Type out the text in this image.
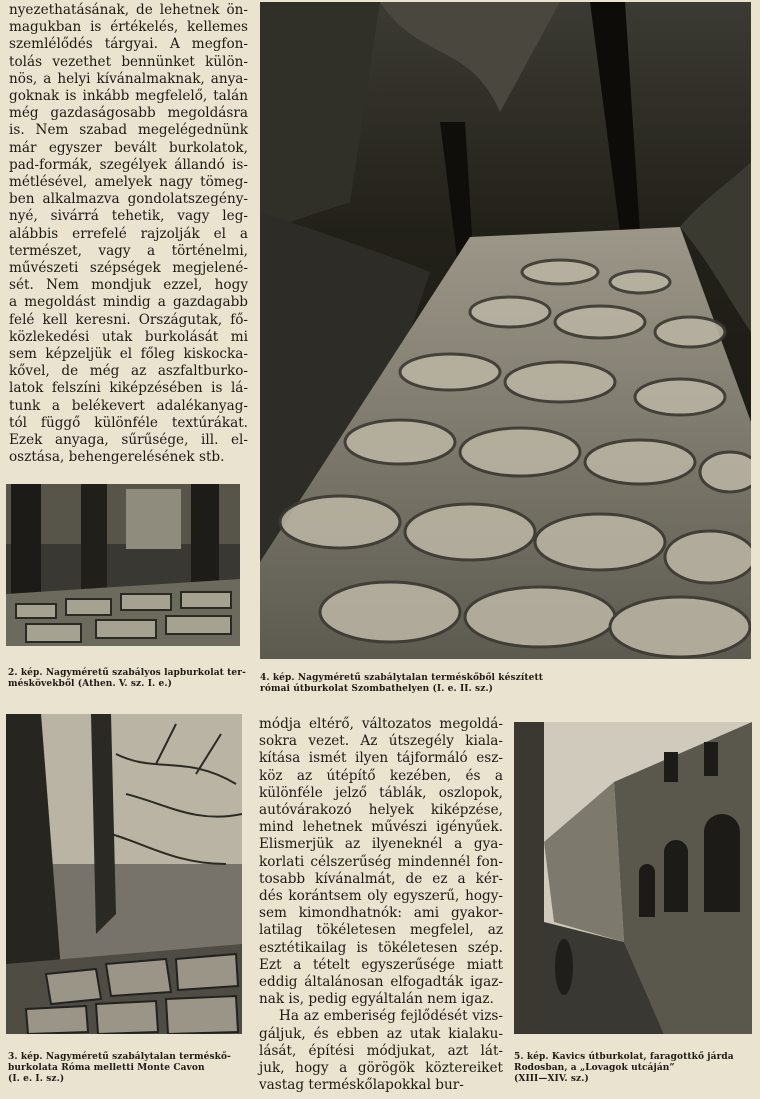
nyezethatásának, de lehetnek ön-
magukban is értékelés, kellemes
szemlélődés tárgyai. A megfon-
tolás vezethet bennünket külön-
nös, a helyi kívánalmaknak, anya-
goknak is inkább megfelelő, talán
még gazdaságosabb megoldásra
is. Nem szabad megelégednünk
már egyszer bevált burkolatok,
pad-formák, szegélyek állandó is-
métlésével, amelyek nagy tömeg-
ben alkalmazva gondolatszegény-
nyé, sivárrá tehetik, vagy leg-
alábbis errefelé rajzolják el a
természet, vagy a történelmi,
művészeti szépségek megjelené-
sét. Nem mondjuk ezzel, hogy
a megoldást mindig a gazdagabb
felé kell keresni. Országutak, fő-
közlekedési utak burkolását mi
sem képzeljük el főleg kiskocka-
kővel, de még az aszfaltburko-
latok felszíni kiképzésében is lá-
tunk a belékevert adalékanyag-
tól függő különféle textúrákat.
Ezek anyaga, sűrűsége, ill. el-
osztása, behengerelésének stb.
2. kép. Nagyméretű szabályos lapburkolat ter-
méskövekből (Athen. V. sz. I. e.)
4. kép. Nagyméretű szabálytalan terméskőből készített
római útburkolat Szombathelyen (I. e. II. sz.)
3. kép. Nagyméretű szabálytalan terméskő-
burkolata Róma melletti Monte Cavon
(I. e. I. sz.)
módja eltérő, változatos megoldá-
sokra vezet. Az útszegély kiala-
kítása ismét ilyen tájformáló esz-
köz az útépítő kezében, és a
különféle jelző táblák, oszlopok,
autóvárakozó helyek kiképzése,
mind lehetnek művészi igényűek.
Elismerjük az ilyeneknél a gya-
korlati célszerűség mindennél fon-
tosabb kívánalmát, de ez a kér-
dés korántsem oly egyszerű, hogy-
sem kimondhatnók: ami gyakor-
latilag tökéletesen megfelel, az
esztétikailag is tökéletesen szép.
Ezt a tételt egyszerűsége miatt
eddig általánosan elfogadták igaz-
nak is, pedig egyáltalán nem igaz.
Ha az emberiség fejlődését vizs-
gáljuk, és ebben az utak kialaku-
lását, építési módjukat, azt lát-
juk, hogy a görögök köztereiket
vastag terméskőlapokkal bur-
5. kép. Kavics útburkolat, faragottkő járda
Rodosban, a „Lovagok utcáján”
(XIII—XIV. sz.)
